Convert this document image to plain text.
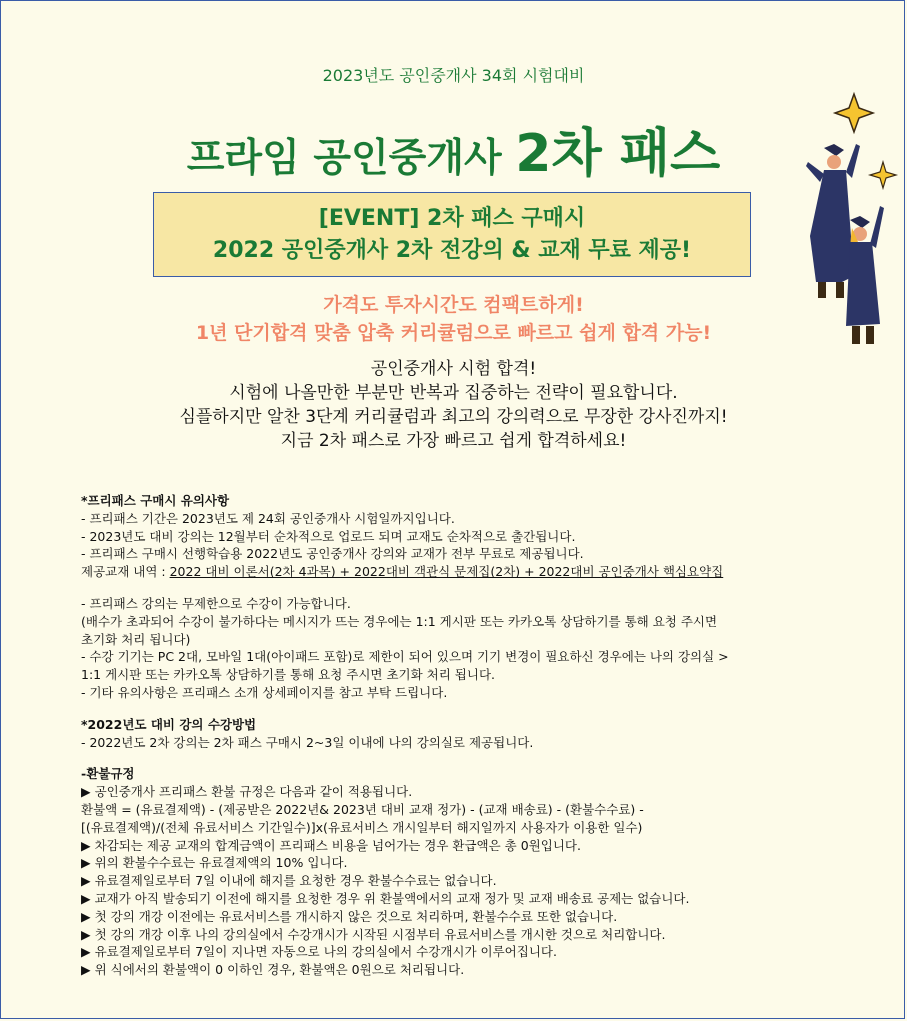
2023년도 공인중개사 34회 시험대비
프라임 공인중개사 2차 패스
[EVENT] 2차 패스 구매시
2022 공인중개사 2차 전강의 & 교재 무료 제공!
가격도 투자시간도 컴팩트하게!
1년 단기합격 맞춤 압축 커리큘럼으로 빠르고 쉽게 합격 가능!
공인중개사 시험 합격!
시험에 나올만한 부분만 반복과 집중하는 전략이 필요합니다.
심플하지만 알찬 3단계 커리큘럼과 최고의 강의력으로 무장한 강사진까지!
지금 2차 패스로 가장 빠르고 쉽게 합격하세요!
*프리패스 구매시 유의사항
- 프리패스 기간은 2023년도 제 24회 공인중개사 시험일까지입니다.
- 2023년도 대비 강의는 12월부터 순차적으로 업로드 되며 교재도 순차적으로 출간됩니다.
- 프리패스 구매시 선행학습용 2022년도 공인중개사 강의와 교재가 전부 무료로 제공됩니다.
제공교재 내역 : 2022 대비 이론서(2차 4과목) + 2022대비 객관식 문제집(2차) + 2022대비 공인중개사 핵심요약집
- 프리패스 강의는 무제한으로 수강이 가능합니다.
(배수가 초과되어 수강이 불가하다는 메시지가 뜨는 경우에는 1:1 게시판 또는 카카오톡 상담하기를 통해 요청 주시면
초기화 처리 됩니다)
- 수강 기기는 PC 2대, 모바일 1대(아이패드 포함)로 제한이 되어 있으며 기기 변경이 필요하신 경우에는 나의 강의실 >
1:1 게시판 또는 카카오톡 상담하기를 통해 요청 주시면 초기화 처리 됩니다.
- 기타 유의사항은 프리패스 소개 상세페이지를 참고 부탁 드립니다.
*2022년도 대비 강의 수강방법
- 2022년도 2차 강의는 2차 패스 구매시 2~3일 이내에 나의 강의실로 제공됩니다.
-환불규정
▶ 공인중개사 프리패스 환불 규정은 다음과 같이 적용됩니다.
환불액 = (유료결제액) - (제공받은 2022년& 2023년 대비 교재 정가) - (교재 배송료) - (환불수수료) -
[(유료결제액)/(전체 유료서비스 기간일수)]x(유료서비스 개시일부터 해지일까지 사용자가 이용한 일수)
▶ 차감되는 제공 교재의 합계금액이 프리패스 비용을 넘어가는 경우 환급액은 총 0원입니다.
▶ 위의 환불수수료는 유료결제액의 10% 입니다.
▶ 유료결제일로부터 7일 이내에 해지를 요청한 경우 환불수수료는 없습니다.
▶ 교재가 아직 발송되기 이전에 해지를 요청한 경우 위 환불액에서의 교재 정가 및 교재 배송료 공제는 없습니다.
▶ 첫 강의 개강 이전에는 유료서비스를 개시하지 않은 것으로 처리하며, 환불수수료 또한 없습니다.
▶ 첫 강의 개강 이후 나의 강의실에서 수강개시가 시작된 시점부터 유료서비스를 개시한 것으로 처리합니다.
▶ 유료결제일로부터 7일이 지나면 자동으로 나의 강의실에서 수강개시가 이루어집니다.
▶ 위 식에서의 환불액이 0 이하인 경우, 환불액은 0원으로 처리됩니다.
